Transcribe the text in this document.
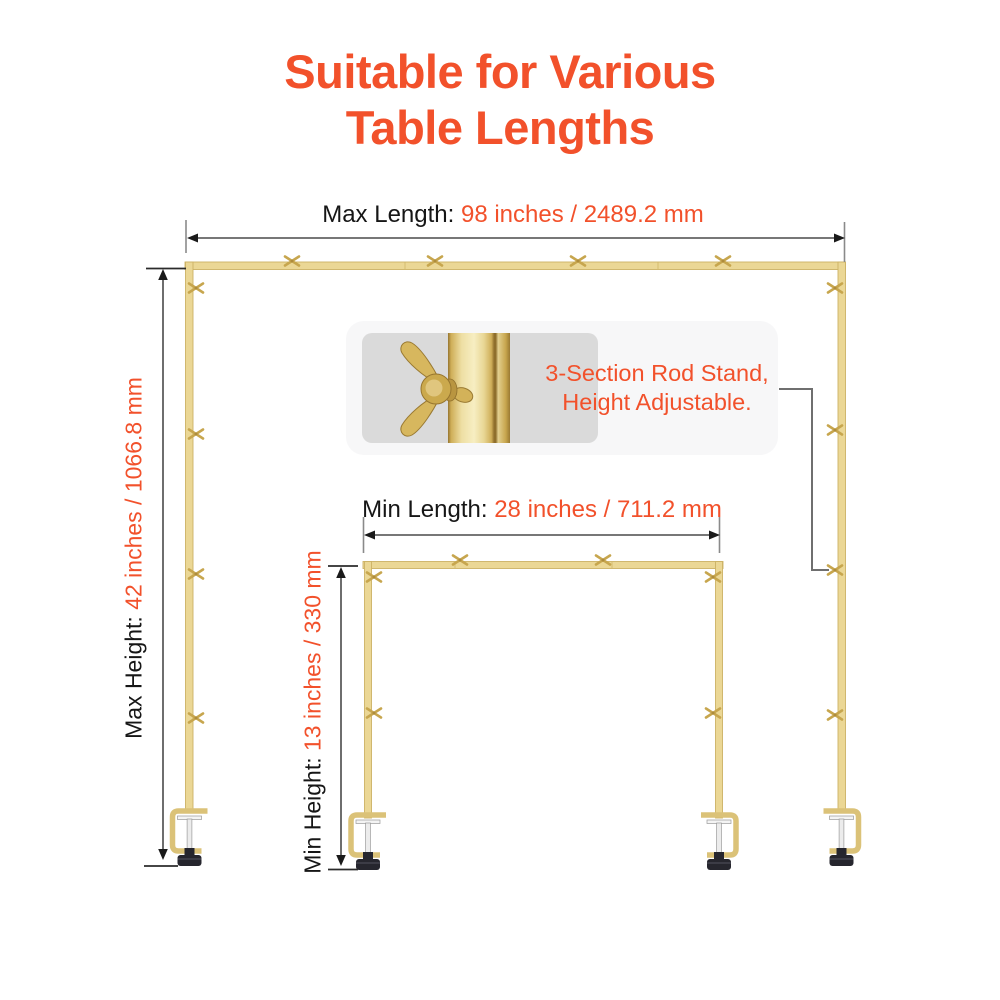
Suitable for Various
Table Lengths
Max Length: 98 inches / 2489.2 mm
Min Length: 28 inches / 711.2 mm
Max Height: 42 inches / 1066.8 mm
Min Height: 13 inches / 330 mm
3-Section Rod Stand,
Height Adjustable.
